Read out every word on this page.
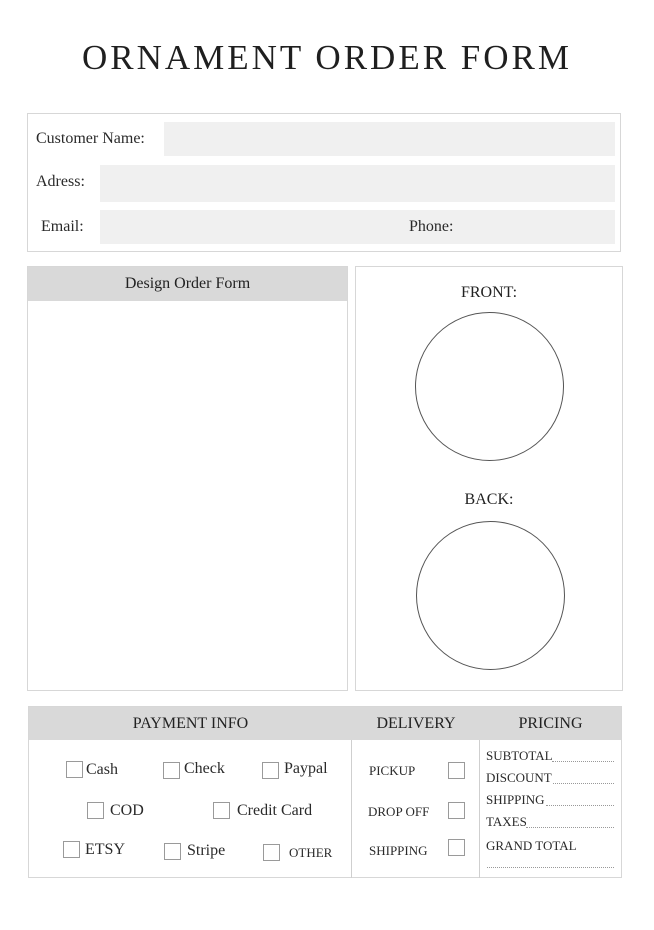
ORNAMENT ORDER FORM
Customer Name:
Adress:
Email:	Phone:
Design Order Form
FRONT:
BACK:
PAYMENT INFO	DELIVERY	PRICING
Cash	Check	Paypal
COD	Credit Card
ETSY	Stripe	OTHER
PICKUP
DROP OFF
SHIPPING
SUBTOTAL
DISCOUNT
SHIPPING
TAXES
GRAND TOTAL
